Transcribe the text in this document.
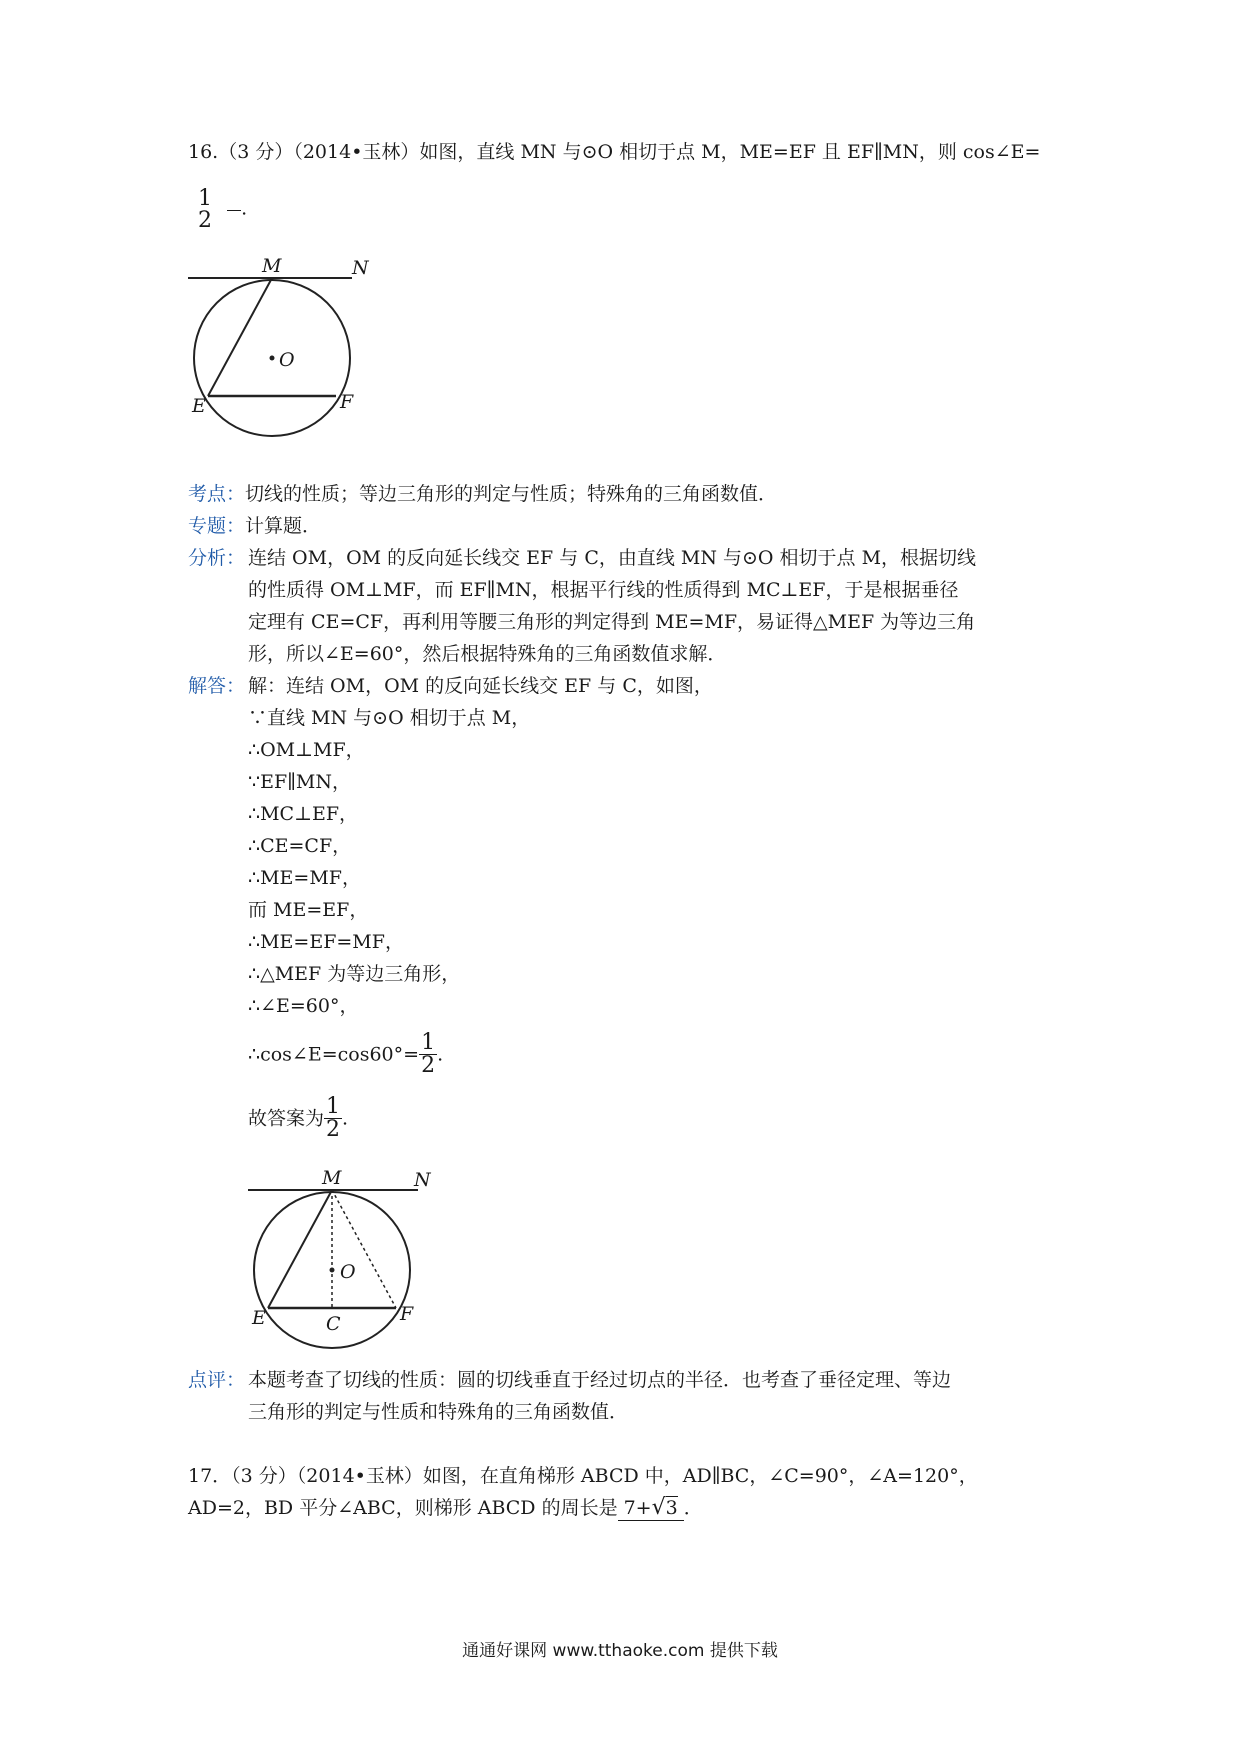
16.（3 分）（2014•玉林）如图，直线 MN 与⊙O 相切于点 M，ME=EF 且 EF∥MN，则 cos∠E=
1
2	.
M	N
O
E	F
考点：切线的性质；等边三角形的判定与性质；特殊角的三角函数值．
专题：计算题．
分析： 连结 OM，OM 的反向延长线交 EF 与 C，由直线 MN 与⊙O 相切于点 M，根据切线
的性质得 OM⊥MF，而 EF∥MN，根据平行线的性质得到 MC⊥EF，于是根据垂径
定理有 CE=CF，再利用等腰三角形的判定得到 ME=MF，易证得△MEF 为等边三角
形，所以∠E=60°，然后根据特殊角的三角函数值求解．
解答： 解：连结 OM，OM 的反向延长线交 EF 与 C，如图，
∵直线 MN 与⊙O 相切于点 M，
∴OM⊥MF，
∵EF∥MN，
∴MC⊥EF，
∴CE=CF，
∴ME=MF，
而 ME=EF，
∴ME=EF=MF，
∴△MEF 为等边三角形，
∴∠E=60°，
∴cos∠E=cos60°= $\frac{1}{2}$ .
故答案为 $\frac{1}{2}$ .
M	N
O
E	C	F
点评： 本题考查了切线的性质：圆的切线垂直于经过切点的半径．也考查了垂径定理、等边
三角形的判定与性质和特殊角的三角函数值．
17．（3 分）（2014•玉林）如图，在直角梯形 ABCD 中，AD∥BC，∠C=90°，∠A=120°，
AD=2，BD 平分∠ABC，则梯形 ABCD 的周长是 7+√3 ．
通通好课网 www.tthaoke.com 提供下载
